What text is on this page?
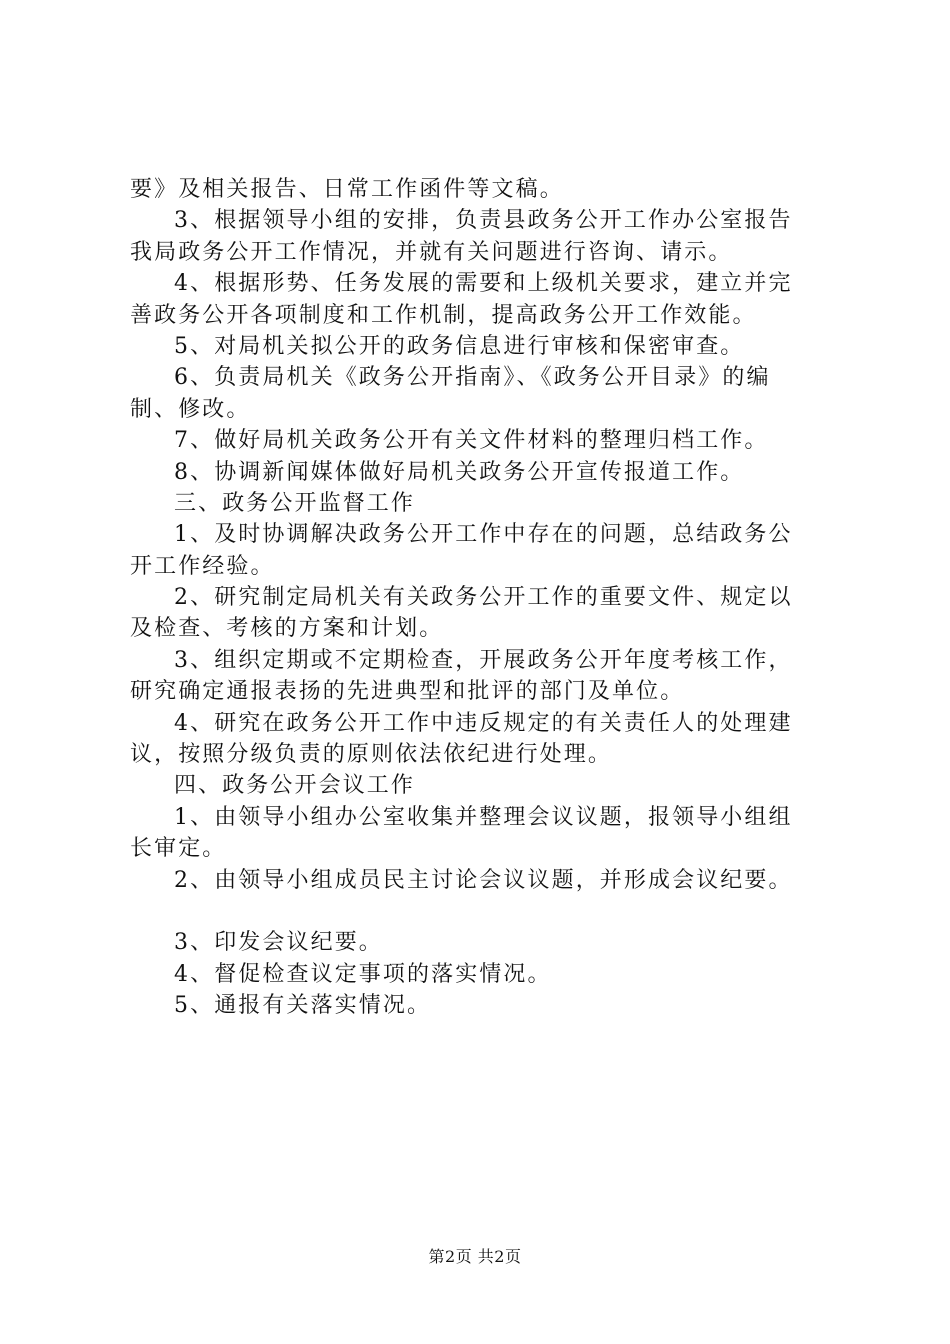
要》及相关报告、日常工作函件等文稿。
3、根据领导小组的安排，负责县政务公开工作办公室报告
我局政务公开工作情况，并就有关问题进行咨询、请示。
4、根据形势、任务发展的需要和上级机关要求，建立并完
善政务公开各项制度和工作机制，提高政务公开工作效能。
5、对局机关拟公开的政务信息进行审核和保密审查。
6、负责局机关《政务公开指南》、《政务公开目录》的编
制、修改。
7、做好局机关政务公开有关文件材料的整理归档工作。
8、协调新闻媒体做好局机关政务公开宣传报道工作。
三、政务公开监督工作
1、及时协调解决政务公开工作中存在的问题，总结政务公
开工作经验。
2、研究制定局机关有关政务公开工作的重要文件、规定以
及检查、考核的方案和计划。
3、组织定期或不定期检查，开展政务公开年度考核工作，
研究确定通报表扬的先进典型和批评的部门及单位。
4、研究在政务公开工作中违反规定的有关责任人的处理建
议，按照分级负责的原则依法依纪进行处理。
四、政务公开会议工作
1、由领导小组办公室收集并整理会议议题，报领导小组组
长审定。
2、由领导小组成员民主讨论会议议题，并形成会议纪要。
3、印发会议纪要。
4、督促检查议定事项的落实情况。
5、通报有关落实情况。
第2页 共2页
